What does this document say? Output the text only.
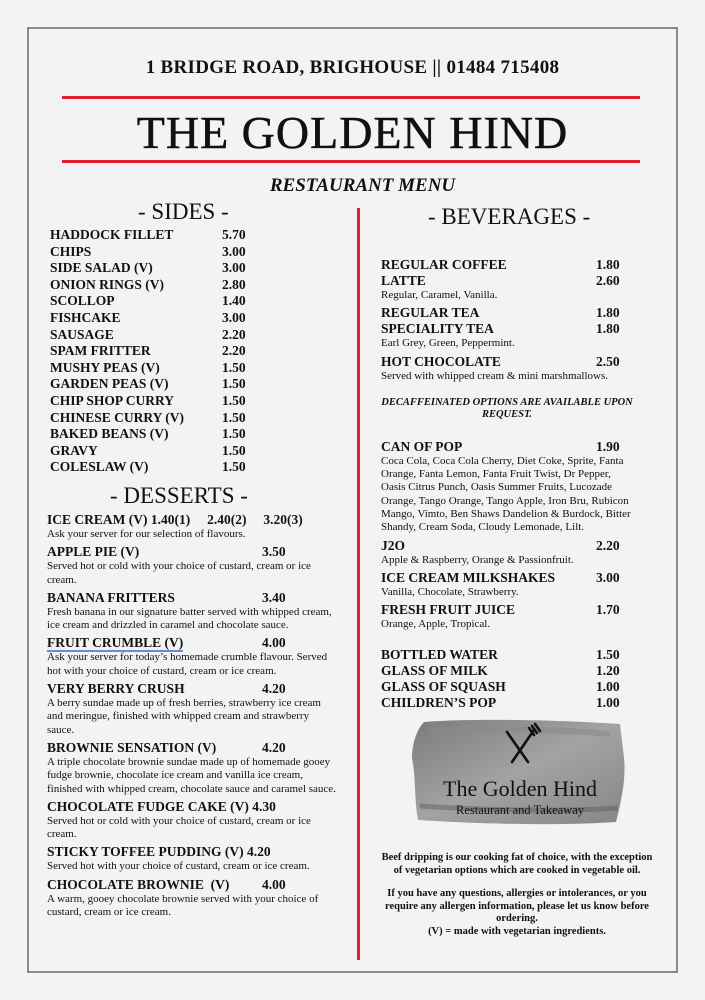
1 BRIDGE ROAD, BRIGHOUSE || 01484 715408
THE GOLDEN HIND
RESTAURANT MENU
- SIDES -
HADDOCK FILLET	5.70
CHIPS	3.00
SIDE SALAD (V)	3.00
ONION RINGS (V)	2.80
SCOLLOP	1.40
FISHCAKE	3.00
SAUSAGE	2.20
SPAM FRITTER	2.20
MUSHY PEAS (V)	1.50
GARDEN PEAS (V)	1.50
CHIP SHOP CURRY	1.50
CHINESE CURRY (V)	1.50
BAKED BEANS (V)	1.50
GRAVY	1.50
COLESLAW (V)	1.50
- DESSERTS -
ICE CREAM (V) 1.40(1)     2.40(2)     3.20(3)

Ask your server for our selection of flavours.

APPLE PIE (V)	3.50

Served hot or cold with your choice of custard, cream or ice cream.

BANANA FRITTERS	3.40

Fresh banana in our signature batter served with whipped cream, ice cream and drizzled in caramel and chocolate sauce.

FRUIT CRUMBLE (V)	4.00

Ask your server for today’s homemade crumble flavour. Served hot with your choice of custard, cream or ice cream.

VERY BERRY CRUSH	4.20

A berry sundae made up of fresh berries, strawberry ice cream and meringue, finished with whipped cream and strawberry sauce.

BROWNIE SENSATION (V)	4.20

A triple chocolate brownie sundae made up of homemade gooey fudge brownie, chocolate ice cream and vanilla ice cream, finished with whipped cream, chocolate sauce and caramel sauce.

CHOCOLATE FUDGE CAKE (V) 4.30

Served hot or cold with your choice of custard, cream or ice cream.

STICKY TOFFEE PUDDING (V) 4.20

Served hot with your choice of custard, cream or ice cream.

CHOCOLATE BROWNIE  (V) 4.00

A warm, gooey chocolate brownie served with your choice of custard, cream or ice cream.

- BEVERAGES -
REGULAR COFFEE	1.80
LATTE	2.60

Regular, Caramel, Vanilla.

REGULAR TEA	1.80
SPECIALITY TEA	1.80

Earl Grey, Green, Peppermint.

HOT CHOCOLATE	2.50

Served with whipped cream & mini marshmallows.

DECAFFEINATED OPTIONS ARE AVAILABLE UPON REQUEST.
CAN OF POP	1.90

Coca Cola, Coca Cola Cherry, Diet Coke, Sprite, Fanta Orange, Fanta Lemon, Fanta Fruit Twist, Dr Pepper, Oasis Citrus Punch, Oasis Summer Fruits, Lucozade Orange, Tango Orange, Tango Apple, Iron Bru, Rubicon Mango, Vimto, Ben Shaws Dandelion & Burdock, Bitter Shandy, Cream Soda, Cloudy Lemonade, Lilt.

J2O	2.20

Apple & Raspberry, Orange & Passionfruit.

ICE CREAM MILKSHAKES	3.00

Vanilla, Chocolate, Strawberry.

FRESH FRUIT JUICE	1.70

Orange, Apple, Tropical.

BOTTLED WATER	1.50
GLASS OF MILK	1.20
GLASS OF SQUASH	1.00
CHILDREN’S POP	1.00
The Golden Hind
Restaurant and Takeaway

Beef dripping is our cooking fat of choice, with the exception of vegetarian options which are cooked in vegetable oil.

If you have any questions, allergies or intolerances, or you require any allergen information, please let us know before ordering.

(V) = made with vegetarian ingredients.
